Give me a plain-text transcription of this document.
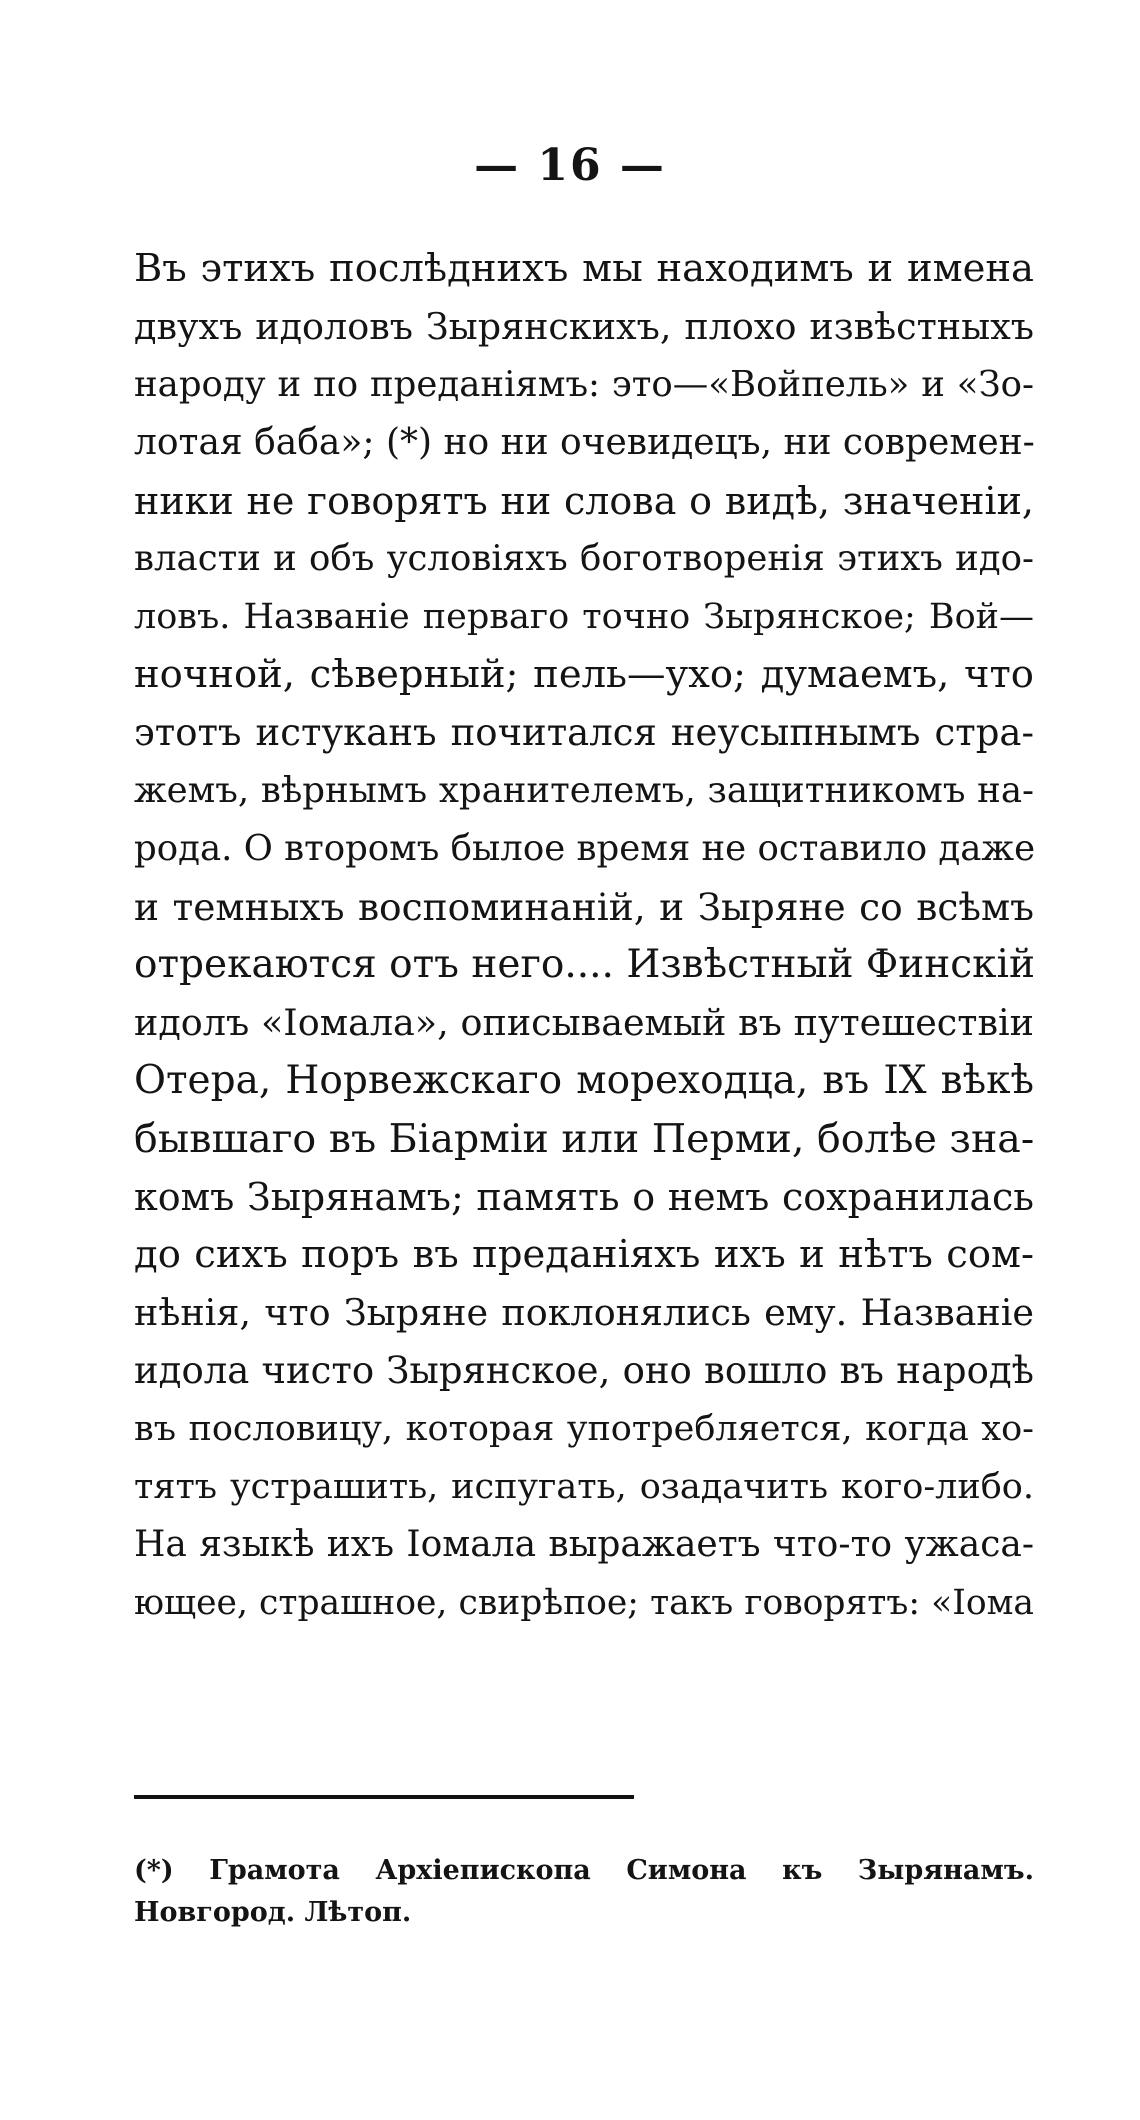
— 16 —
Въ этихъ послѣднихъ мы находимъ и имена
двухъ идоловъ Зырянскихъ, плохо извѣстныхъ
народу и по преданіямъ: это—«Войпель» и «Зо-
лотая баба»; (*) но ни очевидецъ, ни современ-
ники не говорятъ ни слова о видѣ, значеніи,
власти и объ условіяхъ боготворенія этихъ идо-
ловъ. Названіе перваго точно Зырянское; Вой—
ночной, сѣверный; пель—ухо; думаемъ, что
этотъ истуканъ почитался неусыпнымъ стра-
жемъ, вѣрнымъ хранителемъ, защитникомъ на-
рода. О второмъ былое время не оставило даже
и темныхъ воспоминаній, и Зыряне со всѣмъ
отрекаются отъ него.... Извѣстный Финскій
идолъ «Іомала», описываемый въ путешествіи
Отера, Норвежскаго мореходца, въ IX вѣкѣ
бывшаго въ Біарміи или Перми, болѣе зна-
комъ Зырянамъ; память о немъ сохранилась
до сихъ поръ въ преданіяхъ ихъ и нѣтъ сом-
нѣнія, что Зыряне поклонялись ему. Названіе
идола чисто Зырянское, оно вошло въ народѣ
въ пословицу, которая употребляется, когда хо-
тятъ устрашить, испугать, озадачить кого-либо.
На языкѣ ихъ Іомала выражаетъ что-то ужаса-
ющее, страшное, свирѣпое; такъ говорятъ: «Іома
(*) Грамота Архіепископа Симона къ Зырянамъ.
Новгород. Лѣтоп.
